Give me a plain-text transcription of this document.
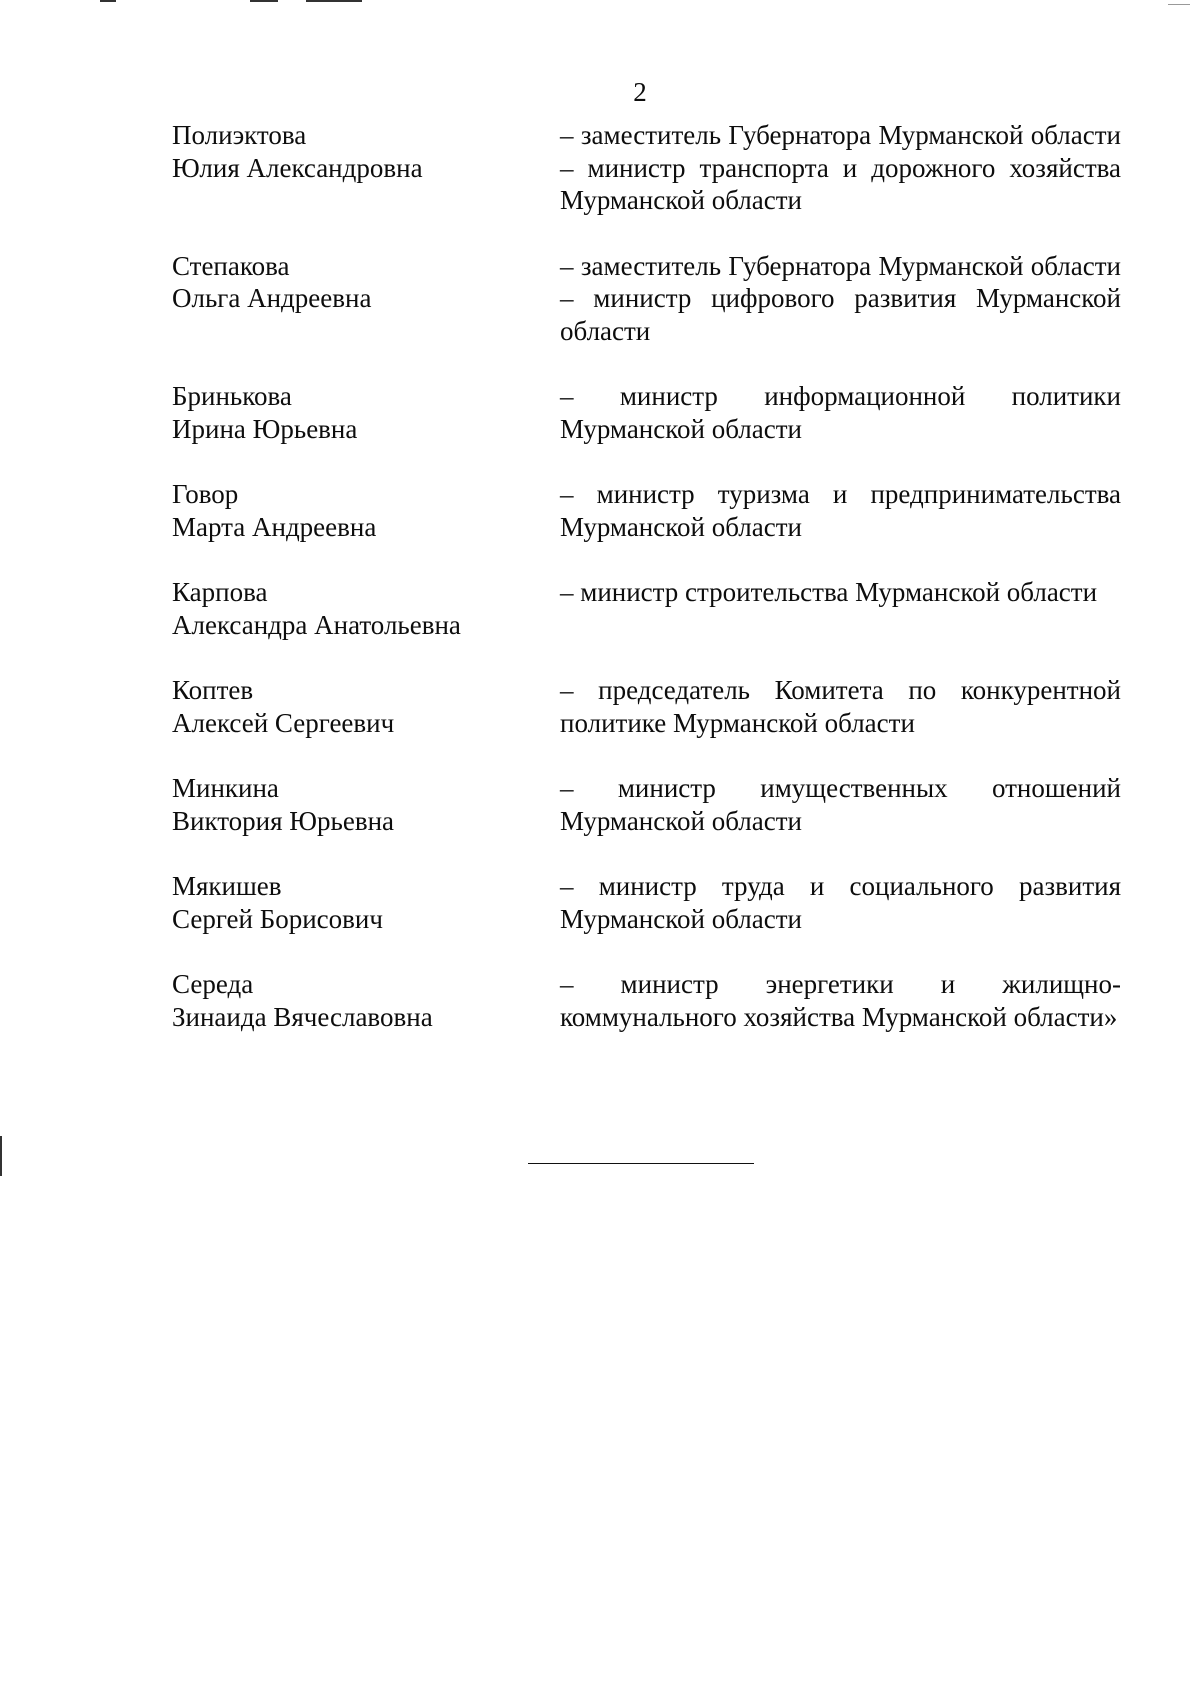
2
Полиэктова
Юлия Александровна
– заместитель Губернатора Мурманской области – министр транспорта и дорожного хозяйства Мурманской области
Степакова
Ольга Андреевна
– заместитель Губернатора Мурманской области – министр цифрового развития Мурманской области
Бринькова
Ирина Юрьевна
– министр информационной политики Мурманской области
Говор
Марта Андреевна
– министр туризма и предпринимательства Мурманской области
Карпова
Александра Анатольевна
– министр строительства Мурманской области
Коптев
Алексей Сергеевич
– председатель Комитета по конкурентной политике Мурманской области
Минкина
Виктория Юрьевна
– министр имущественных отношений Мурманской области
Мякишев
Сергей Борисович
– министр труда и социального развития Мурманской области
Середа
Зинаида Вячеславовна
– министр энергетики и жилищно-коммунального хозяйства Мурманской области»
